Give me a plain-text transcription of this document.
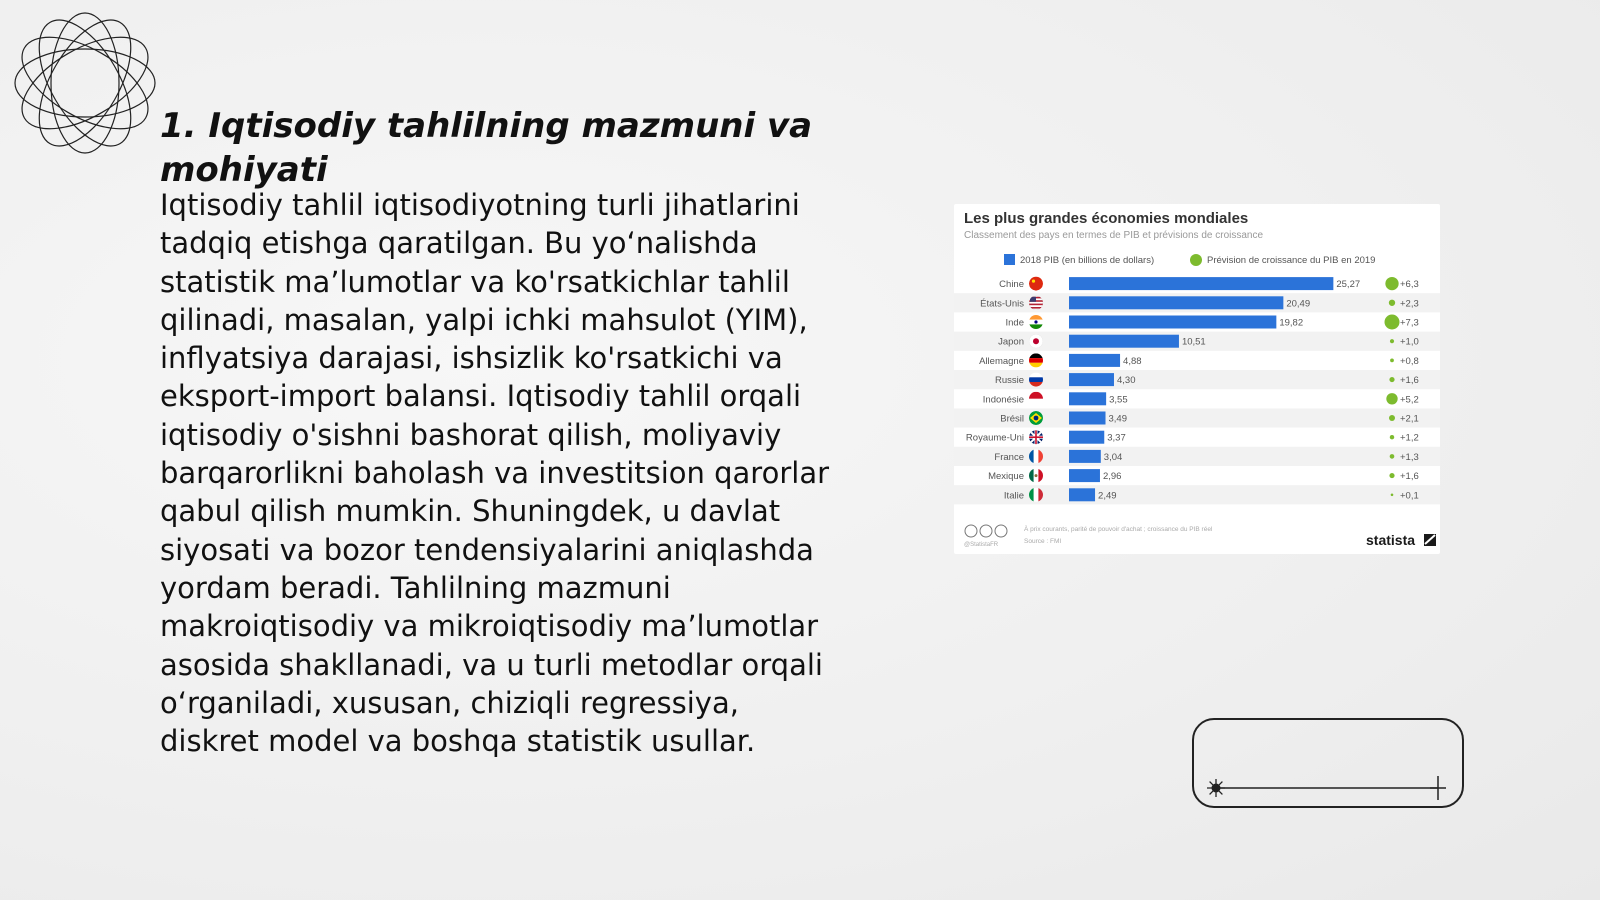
1. Iqtisodiy tahlilning mazmuni va mohiyati

Iqtisodiy tahlil iqtisodiyotning turli jihatlarini tadqiq etishga qaratilgan. Bu yo‘nalishda statistik ma’lumotlar va ko'rsatkichlar tahlil qilinadi, masalan, yalpi ichki mahsulot (YIM), inflyatsiya darajasi, ishsizlik ko'rsatkichi va eksport-import balansi. Iqtisodiy tahlil orqali iqtisodiy o'sishni bashorat qilish, moliyaviy barqarorlikni baholash va investitsion qarorlar qabul qilish mumkin. Shuningdek, u davlat siyosati va bozor tendensiyalarini aniqlashda yordam beradi. Tahlilning mazmuni makroiqtisodiy va mikroiqtisodiy ma’lumotlar asosida shakllanadi, va u turli metodlar orqali o‘rganiladi, xususan, chiziqli regressiya, diskret model va boshqa statistik usullar.

Les plus grandes économies mondiales
Classement des pays en termes de PIB et prévisions de croissance
2018 PIB (en billions de dollars)	Prévision de croissance du PIB en 2019
Chine	25,27	+6,3
États-Unis	20,49	+2,3
Inde	19,82	+7,3
Japon	10,51	+1,0
Allemagne	4,88	+0,8
Russie	4,30	+1,6
Indonésie	3,55	+5,2
Brésil	3,49	+2,1
Royaume-Uni	3,37	+1,2
France	3,04	+1,3
Mexique	2,96	+1,6
Italie	2,49	+0,1
@StatistaFR
À prix courants, parité de pouvoir d'achat ; croissance du PIB réel
Source : FMI	statista
